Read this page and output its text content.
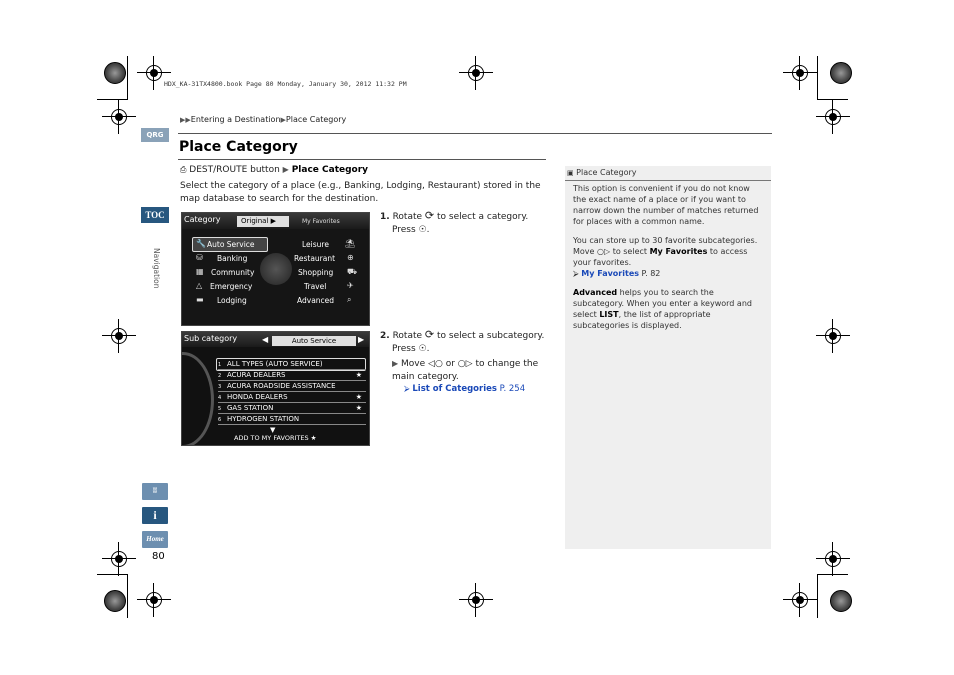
HDX_KA-31TX4800.book Page 80 Monday, January 30, 2012 11:32 PM
▶▶Entering a Destination▶Place Category
QRG
TOC
Navigation
ʬ
i
Home
80
Place Category
⎙ DEST/ROUTE button ▶ Place Category
Select the category of a place (e.g., Banking, Lodging, Restaurant) stored in the map database to search for the destination.
Category	Original ▶	My Favorites
🔧 Auto Service
⛁ Banking
▦ Community
△ Emergency
▬ Lodging
Leisure ⛱
Restaurant ⊕
Shopping ⛟
Travel	✈
Advanced ⌕
1. Rotate ⟳ to select a category.
Press ☉.
Sub category	◀	Auto Service	▶
1 ALL TYPES (AUTO SERVICE)
2 ACURA DEALERS	★
3 ACURA ROADSIDE ASSISTANCE
4 HONDA DEALERS	★
5 GAS STATION	★
6 HYDROGEN STATION
▼
ADD TO MY FAVORITES ★
2. Rotate ⟳ to select a subcategory.
Press ☉.
▶ Move ◁○ or ○▷ to change the main category.
⮚ List of Categories P. 254
▣ Place Category
This option is convenient if you do not know the exact name of a place or if you want to narrow down the number of matches returned for places with a common name.
You can store up to 30 favorite subcategories. Move ○▷ to select My Favorites to access your favorites.
⮚ My Favorites P. 82
Advanced helps you to search the subcategory. When you enter a keyword and select LIST, the list of appropriate subcategories is displayed.
